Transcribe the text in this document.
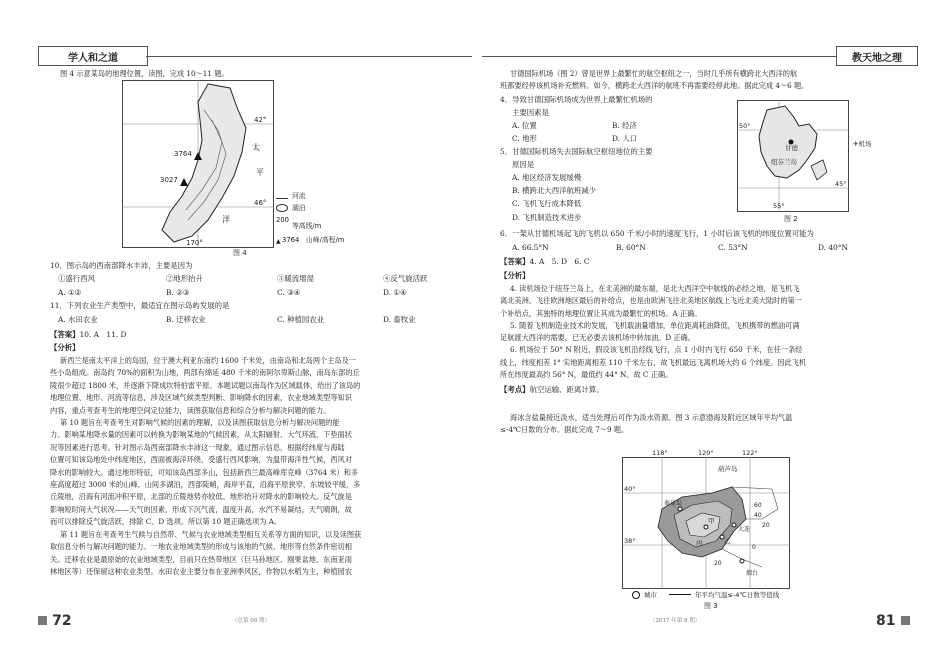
学人和之道	教天地之理
图 4 示意某岛的地理位置，读图，完成 10～11 题。
3764
3027
42°
46°
170°
太
平
洋
河流
湖泊
200
等高线/m
▲ 3764 山峰/高程/m
图 4
10．图示岛的西南部降水丰沛，主要是因为
①盛行西风	②地形抬升	③暖流增湿	④反气旋活跃
A. ①②	B. ②③	C. ③④	D. ①④
11．下列农业生产类型中，最适宜在图示岛屿发展的是
A. 水田农业	B. 迁移农业	C. 种植园农业	D. 畜牧业
【答案】10. A　11. D
【分析】
新西兰是南太平洋上的岛国，位于澳大利亚东南约 1600 千米处，由南岛和北岛两个主岛及一
些小岛组成。南岛约 70%的面积为山地，两部有绵延 480 千米的南阿尔卑斯山脉，南岛东部的丘
陵很少超过 1800 米，并逐渐下降成坎特伯雷平原。本题试题以南岛作为区域载体，给出了该岛的
地理位置、地形、河流等信息，涉及区域气候类型判断、影响降水的因素，农业地域类型等知识
内容，重点考查考生的地理空间定位能力，读图获取信息和综合分析与解决问题的能力。
第 10 题旨在考查考生对影响气候的因素的理解，以及读图获取信息分析与解决问题的能
力。影响某地降水量的因素可以转换为影响某地的气候因素，从太阳辐射、大气环流、下垫面状
况等因素进行思考。针对图示岛西南部降水丰沛这一现象，通过图示信息，根据经纬度与海陆
位置可知该岛地处中纬度地区，西面被海洋环绕，受盛行西风影响，为温带海洋性气候，西风对
降水的影响较大。通过地形特征，可知该岛西部多山，包括新西兰最高峰库克峰（3764 米）和多
座高度超过 3000 米的山峰。山间多湖泊，西部陡峭，海岸平直，沿海平原狭窄，东坡较平缓，多
丘陵地，沿海有河流冲积平原，北部的丘陵地势亦较低。地形抬升对降水的影响较大。反气旋是
影响短时间大气状况——天气的因素，形成下沉气流，温度升高，水汽不易凝结，天气晴朗，故
而可以排除反气旋活跃，排除 C、D 选项。所以第 10 题正确选项为 A。
第 11 题旨在考查考生气候与自然带、气候与农业地域类型相互关系等方面的知识，以及读图获
取信息分析与解决问题的能力。一地农业地域类型的形成与该地的气候、地形等自然条件密切相
关。迁移农业是最原始的农业地域类型，目前只在热带地区（巨马孙地区、刚果盆地、东南亚雨
林地区等）还保留这种农业类型。水田农业主要分布在亚洲季风区，作物以水稻为主，种植园农
72	（总第 08 期）
甘德国际机场（图 2）曾是世界上最繁忙的航空枢纽之一，当时几乎所有横跨北大西洋的航
班都要经停该机场补充燃料。如今，横跨北大西洋的航班不再需要经停此地。据此完成 4～6 题。
4．导致甘德国际机场成为世界上最繁忙机场的
主要因素是
A. 位置	B. 经济
C. 地形	D. 人口
5．甘德国际机场失去国际航空枢纽地位的主要
原因是
A. 地区经济发展缓慢
B. 横跨北大西洋航班减少
C. 飞机飞行成本降低
D. 飞机制造技术进步
甘德
纽芬兰岛
50°
45°
55°
✈机场
图 2
6．一架从甘德机场起飞的飞机以 650 千米/小时的速度飞行，1 小时后该飞机的纬度位置可能为
A. 66.5°N	B. 60°N	C. 53°N	D. 40°N
【答案】4. A　5. D　6. C
【分析】
4. 读机场位于纽芬兰岛上，在北美洲的最东端，是北大西洋空中航线的必经之地，是飞机飞
离北美洲、飞往欧洲地区最后的补给点，也是由欧洲飞往北美地区航线上飞近北美大陆时的第一
个补给点，其独特的地理位置让其成为最繁忙的机场。A 正确。
5. 随着飞机制造业技术的发展，飞机载油量增加，单位距离耗油降低，飞机携带的燃油可满
足航渡大西洋的需要，已无必要去该机场中转加油。D 正确。
6. 机场位于 50° N 附近，假设该飞机沿经线飞行，点 1 小时内飞行 650 千米，在任一条经
线上，纬度相差 1° 实地距离相差 110 千米左右，故飞机最远飞离机场大约 6 个纬度。因此飞机
所在纬度最高约 56° N，最低约 44° N。故 C 正确。
【考点】航空运输、距离计算。
海冰含盐量接近淡水，适当处理后可作为淡水资源。图 3 示意渤海及附近区域年平均气温
≤-4℃日数的分布。据此完成 7～9 题。
118°	120°	122°
40°
38°
葫芦岛
秦皇岛
大连
甲
乙
烟台
丙
60
40
20
0
20
城市	年平均气温≤-4℃日数等值线
图 3
81
（2017 年第 8 期）
